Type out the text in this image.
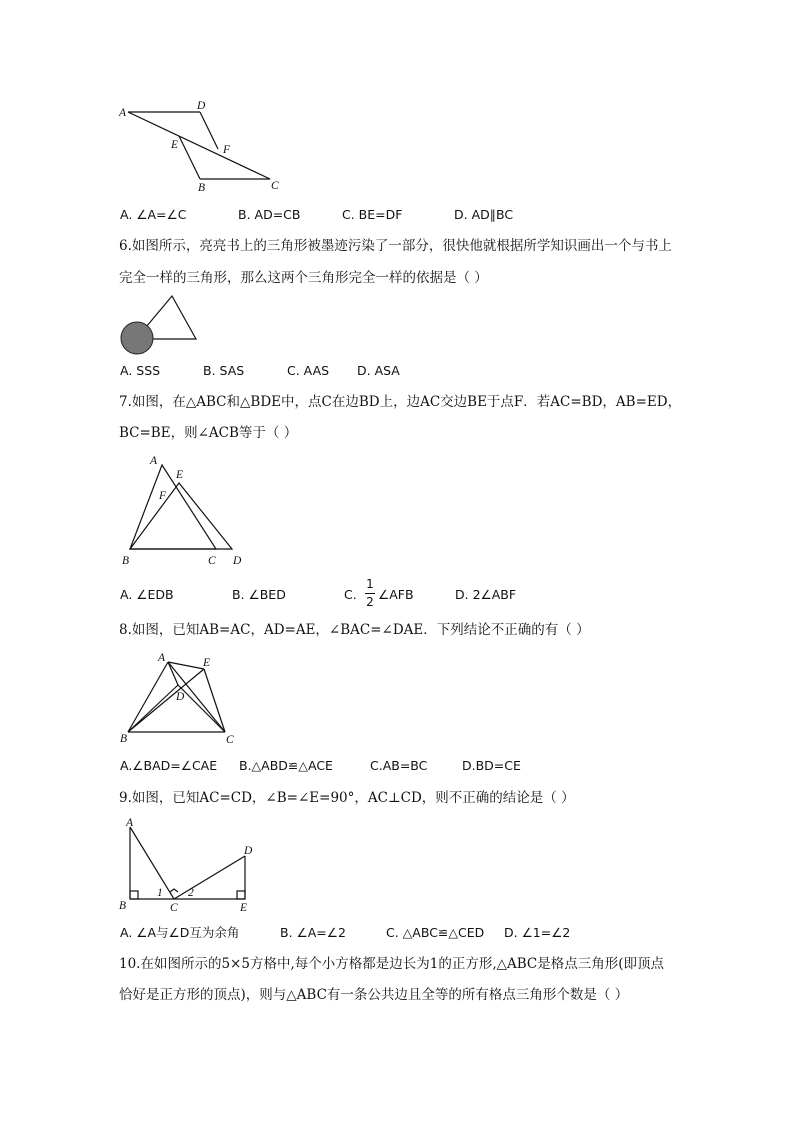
A
D
E	F
B	C
A. ∠A=∠C	B. AD=CB	C. BE=DF	D. AD∥BC
6.如图所示，亮亮书上的三角形被墨迹污染了一部分，很快他就根据所学知识画出一个与书上
完全一样的三角形，那么这两个三角形完全一样的依据是（ ）
A. SSS	B. SAS	C. AAS D. ASA
7.如图，在△ABC和△BDE中，点C在边BD上，边AC交边BE于点F．若AC=BD，AB=ED，
BC=BE，则∠ACB等于（ ）
A
E
F
B	C D
A. ∠EDB	B. ∠BED	C.
1
2 ∠AFB	D. 2∠ABF
8.如图，已知AB=AC，AD=AE，∠BAC=∠DAE．下列结论不正确的有（ ）
A	E
D
B	C
A.∠BAD=∠CAE B.△ABD≌△ACE	C.AB=BC	D.BD=CE
9.如图，已知AC=CD，∠B=∠E=90°，AC⊥CD，则不正确的结论是（ ）
A
D
B	C	E
1 2
A. ∠A与∠D互为余角	B. ∠A=∠2	C. △ABC≌△CED D. ∠1=∠2
10.在如图所示的5×5方格中,每个小方格都是边长为1的正方形,△ABC是格点三角形(即顶点
恰好是正方形的顶点)，则与△ABC有一条公共边且全等的所有格点三角形个数是（ ）
